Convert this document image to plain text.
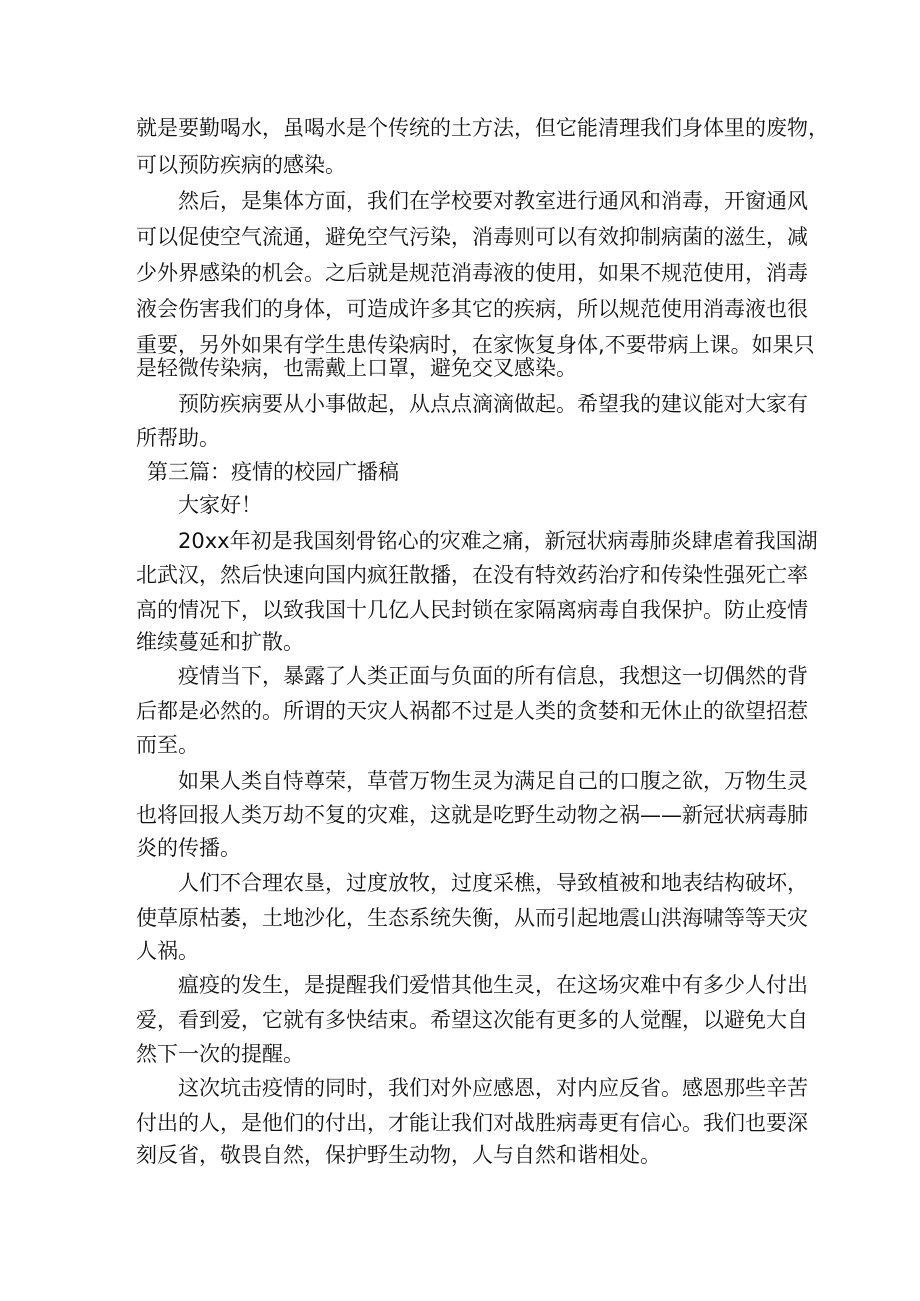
就是要勤喝水，虽喝水是个传统的土方法，但它能清理我们身体里的废物，
可以预防疾病的感染。
然后，是集体方面，我们在学校要对教室进行通风和消毒，开窗通风
可以促使空气流通，避免空气污染，消毒则可以有效抑制病菌的滋生，减
少外界感染的机会。之后就是规范消毒液的使用，如果不规范使用，消毒
液会伤害我们的身体，可造成许多其它的疾病，所以规范使用消毒液也很
重要，另外如果有学生患传染病时，在家恢复身体,不要带病上课。如果只
是轻微传染病，也需戴上口罩，避免交叉感染。
预防疾病要从小事做起，从点点滴滴做起。希望我的建议能对大家有
所帮助。
第三篇：疫情的校园广播稿
大家好！
20xx年初是我国刻骨铭心的灾难之痛，新冠状病毒肺炎肆虐着我国湖
北武汉，然后快速向国内疯狂散播，在没有特效药治疗和传染性强死亡率
高的情况下，以致我国十几亿人民封锁在家隔离病毒自我保护。防止疫情
维续蔓延和扩散。
疫情当下，暴露了人类正面与负面的所有信息，我想这一切偶然的背
后都是必然的。所谓的天灾人祸都不过是人类的贪婪和无休止的欲望招惹
而至。
如果人类自恃尊荣，草菅万物生灵为满足自己的口腹之欲，万物生灵
也将回报人类万劫不复的灾难，这就是吃野生动物之祸——新冠状病毒肺
炎的传播。
人们不合理农垦，过度放牧，过度采樵，导致植被和地表结构破坏，
使草原枯萎，土地沙化，生态系统失衡，从而引起地震山洪海啸等等天灾
人祸。
瘟疫的发生，是提醒我们爱惜其他生灵，在这场灾难中有多少人付出
爱，看到爱，它就有多快结束。希望这次能有更多的人觉醒，以避免大自
然下一次的提醒。
这次坑击疫情的同时，我们对外应感恩，对内应反省。感恩那些辛苦
付出的人，是他们的付出，才能让我们对战胜病毒更有信心。我们也要深
刻反省，敬畏自然，保护野生动物，人与自然和谐相处。
